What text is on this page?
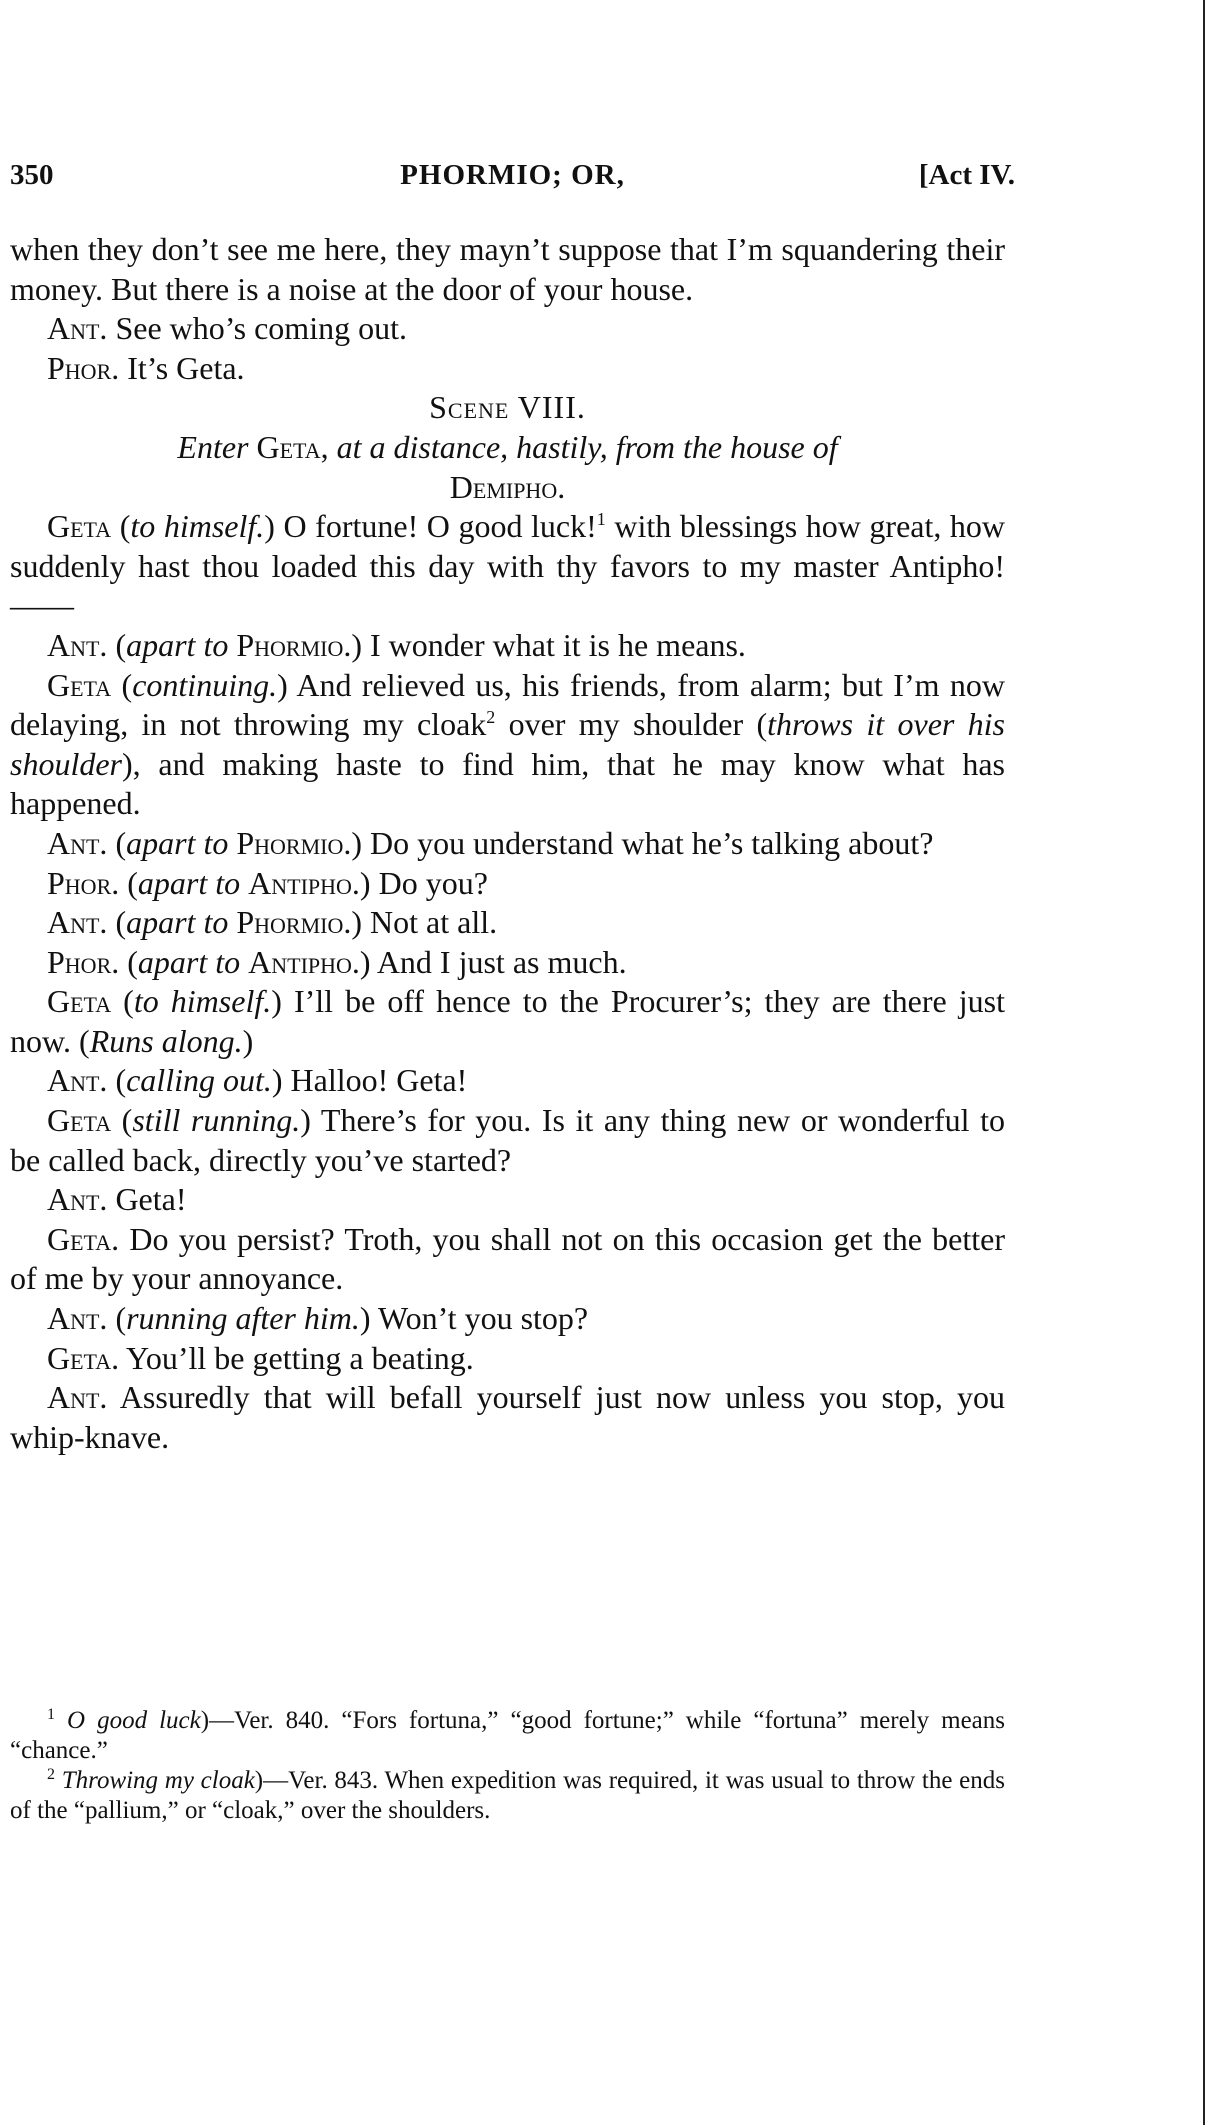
350	PHORMIO; OR,	[Act IV.

when they don’t see me here, they mayn’t suppose that I’m squandering their money. But there is a noise at the door of your house.

Ant. See who’s coming out.

Phor. It’s Geta.

Scene VIII.

Enter Geta, at a distance, hastily, from the house of
Demipho.

Geta (to himself.) O fortune! O good luck!$^1$ with blessings how great, how suddenly hast thou loaded this day with thy favors to my master Antipho!——

Ant. (apart to Phormio.) I wonder what it is he means.

Geta (continuing.) And relieved us, his friends, from alarm; but I’m now delaying, in not throwing my cloak$^2$ over my shoulder (throws it over his shoulder), and making haste to find him, that he may know what has happened.

Ant. (apart to Phormio.) Do you understand what he’s talking about?

Phor. (apart to Antipho.) Do you?

Ant. (apart to Phormio.) Not at all.

Phor. (apart to Antipho.) And I just as much.

Geta (to himself.) I’ll be off hence to the Procurer’s; they are there just now. (Runs along.)

Ant. (calling out.) Halloo! Geta!

Geta (still running.) There’s for you. Is it any thing new or wonderful to be called back, directly you’ve started?

Ant. Geta!

Geta. Do you persist? Troth, you shall not on this occasion get the better of me by your annoyance.

Ant. (running after him.) Won’t you stop?

Geta. You’ll be getting a beating.

Ant. Assuredly that will befall yourself just now unless you stop, you whip-knave.

$^1$ O good luck)—Ver. 840. “Fors fortuna,” “good fortune;” while “fortuna” merely means “chance.”

$^2$ Throwing my cloak)—Ver. 843. When expedition was required, it was usual to throw the ends of the “pallium,” or “cloak,” over the shoulders.
